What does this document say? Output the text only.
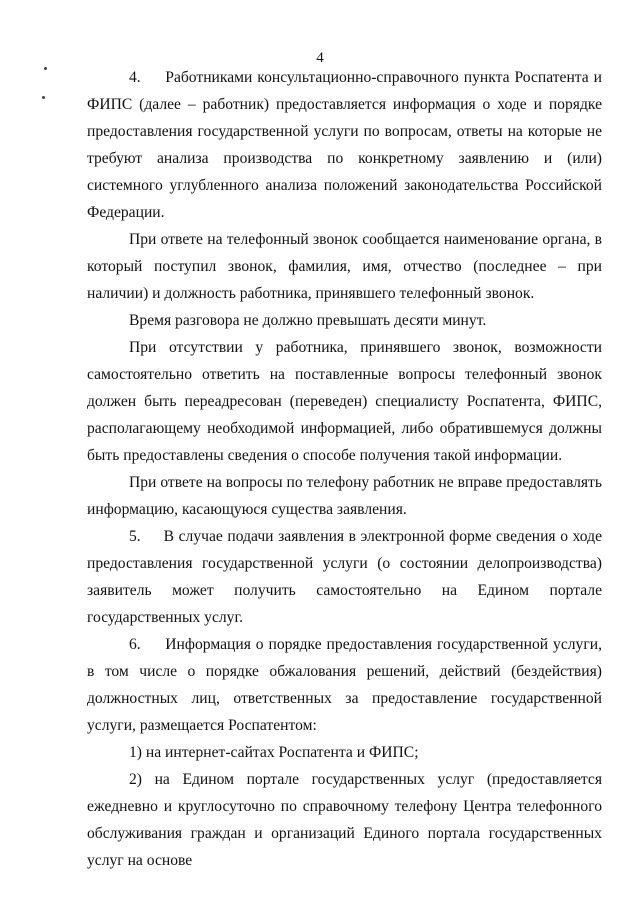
4

4.     Работниками консультационно-справочного пункта Роспатента и ФИПС (далее – работник) предоставляется информация о ходе и порядке предоставления государственной услуги по вопросам, ответы на которые не требуют анализа производства по конкретному заявлению и (или) системного углубленного анализа положений законодательства Российской Федерации.

При ответе на телефонный звонок сообщается наименование органа, в который поступил звонок, фамилия, имя, отчество (последнее – при наличии) и должность работника, принявшего телефонный звонок.

Время разговора не должно превышать десяти минут.

При отсутствии у работника, принявшего звонок, возможности самостоятельно ответить на поставленные вопросы телефонный звонок должен быть переадресован (переведен) специалисту Роспатента, ФИПС, располагающему необходимой информацией, либо обратившемуся должны быть предоставлены сведения о способе получения такой информации.

При ответе на вопросы по телефону работник не вправе предоставлять информацию, касающуюся существа заявления.

5.     В случае подачи заявления в электронной форме сведения о ходе предоставления государственной услуги (о состоянии делопроизводства) заявитель может получить самостоятельно на Едином портале государственных услуг.

6.     Информация о порядке предоставления государственной услуги, в том числе о порядке обжалования решений, действий (бездействия) должностных лиц, ответственных за предоставление государственной услуги, размещается Роспатентом:

1) на интернет-сайтах Роспатента и ФИПС;

2) на Едином портале государственных услуг (предоставляется ежедневно и круглосуточно по справочному телефону Центра телефонного обслуживания граждан и организаций Единого портала государственных услуг на основе
